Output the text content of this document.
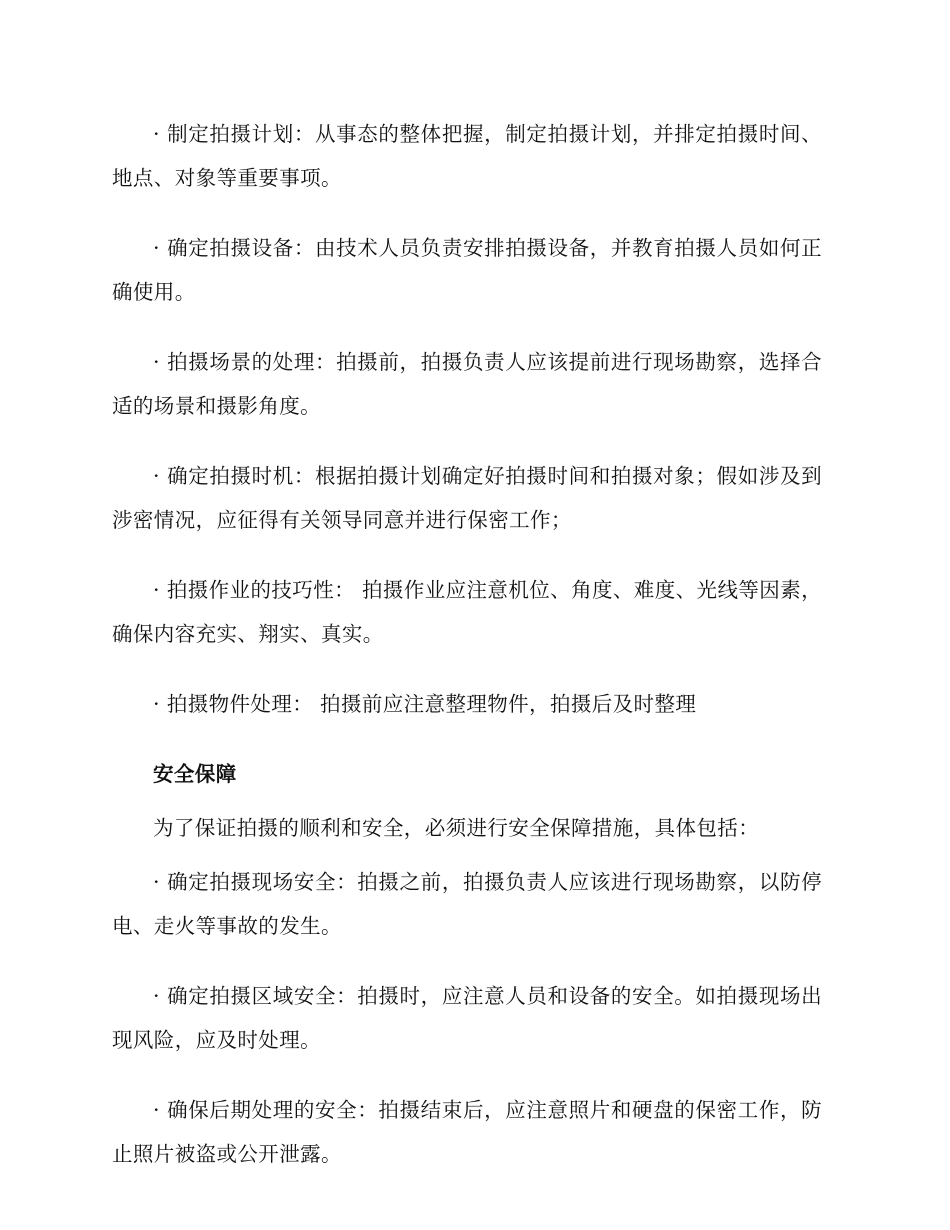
· 制定拍摄计划：从事态的整体把握，制定拍摄计划，并排定拍摄时间、地点、对象等重要事项。

· 确定拍摄设备：由技术人员负责安排拍摄设备，并教育拍摄人员如何正确使用。

· 拍摄场景的处理：拍摄前，拍摄负责人应该提前进行现场勘察，选择合适的场景和摄影角度。

· 确定拍摄时机：根据拍摄计划确定好拍摄时间和拍摄对象；假如涉及到涉密情况，应征得有关领导同意并进行保密工作；

· 拍摄作业的技巧性： 拍摄作业应注意机位、角度、难度、光线等因素，确保内容充实、翔实、真实。

· 拍摄物件处理： 拍摄前应注意整理物件，拍摄后及时整理

安全保障

为了保证拍摄的顺利和安全，必须进行安全保障措施，具体包括：

· 确定拍摄现场安全：拍摄之前，拍摄负责人应该进行现场勘察，以防停电、走火等事故的发生。

· 确定拍摄区域安全：拍摄时，应注意人员和设备的安全。如拍摄现场出现风险，应及时处理。

· 确保后期处理的安全：拍摄结束后，应注意照片和硬盘的保密工作，防止照片被盗或公开泄露。
